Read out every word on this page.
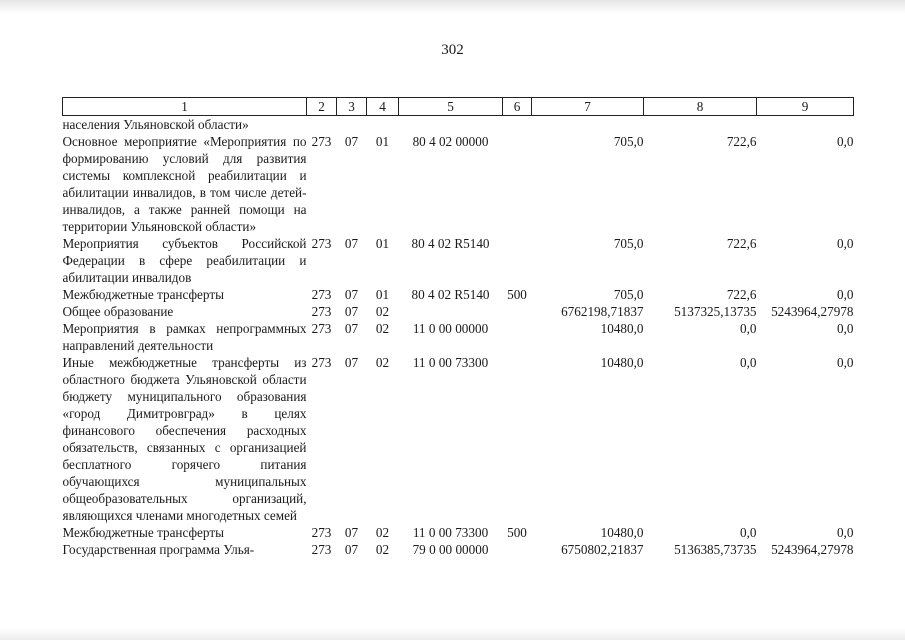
302
1	2	3	4	5	6	7	8	9
населения Ульяновской области»								
Основное мероприятие «Мероприятия по формированию условий для развития системы комплексной реабилитации и абилитации инвалидов, в том числе детей-инвалидов, а также ранней помощи на территории Ульяновской области»	273	07	01	80 4 02 00000		705,0	722,6	0,0
Мероприятия субъектов Российской Федерации в сфере реабилитации и абилитации инвалидов	273	07	01	80 4 02 R5140		705,0	722,6	0,0
Межбюджетные трансферты	273	07	01	80 4 02 R5140	500	705,0	722,6	0,0
Общее образование	273	07	02			6762198,71837	5137325,13735	5243964,27978
Мероприятия в рамках непрограммных направлений деятельности	273	07	02	11 0 00 00000		10480,0	0,0	0,0
Иные межбюджетные трансферты из областного бюджета Ульяновской области бюджету муниципального образования «город Димитровград» в целях финансового обеспечения расходных обязательств, связанных с организацией бесплатного горячего питания обучающихся муниципальных общеобразовательных организаций, являющихся членами многодетных семей	273	07	02	11 0 00 73300		10480,0	0,0	0,0
Межбюджетные трансферты	273	07	02	11 0 00 73300	500	10480,0	0,0	0,0
Государственная программа Улья-	273	07	02	79 0 00 00000		6750802,21837	5136385,73735	5243964,27978
